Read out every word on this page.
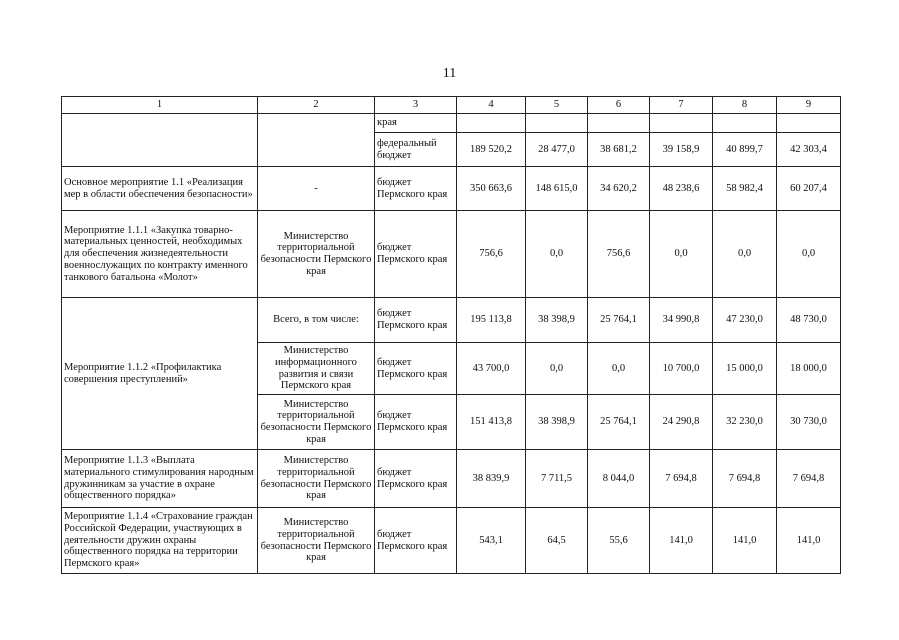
11
1	2	3	4	5	6	7	8	9
		края						
		федеральный бюджет	189 520,2	28 477,0	38 681,2	39 158,9	40 899,7	42 303,4
Основное мероприятие 1.1 «Реализация мер в области обеспечения безопасности»	-	бюджет Пермского края	350 663,6	148 615,0	34 620,2	48 238,6	58 982,4	60 207,4
Мероприятие 1.1.1 «Закупка товарно-материальных ценностей, необходимых для обеспечения жизнедеятельности военнослужащих по контракту именного танкового батальона «Молот»	Министерство территориальной безопасности Пермского края	бюджет Пермского края	756,6	0,0	756,6	0,0	0,0	0,0
Мероприятие 1.1.2 «Профилактика совершения преступлений»	Всего, в том числе:	бюджет Пермского края	195 113,8	38 398,9	25 764,1	34 990,8	47 230,0	48 730,0
	Министерство информационного развития и связи Пермского края	бюджет Пермского края	43 700,0	0,0	0,0	10 700,0	15 000,0	18 000,0
	Министерство территориальной безопасности Пермского края	бюджет Пермского края	151 413,8	38 398,9	25 764,1	24 290,8	32 230,0	30 730,0
Мероприятие 1.1.3 «Выплата материального стимулирования народным дружинникам за участие в охране общественного порядка»	Министерство территориальной безопасности Пермского края	бюджет Пермского края	38 839,9	7 711,5	8 044,0	7 694,8	7 694,8	7 694,8
Мероприятие 1.1.4 «Страхование граждан Российской Федерации, участвующих в деятельности дружин охраны общественного порядка на территории Пермского края»	Министерство территориальной безопасности Пермского края	бюджет Пермского края	543,1	64,5	55,6	141,0	141,0	141,0
